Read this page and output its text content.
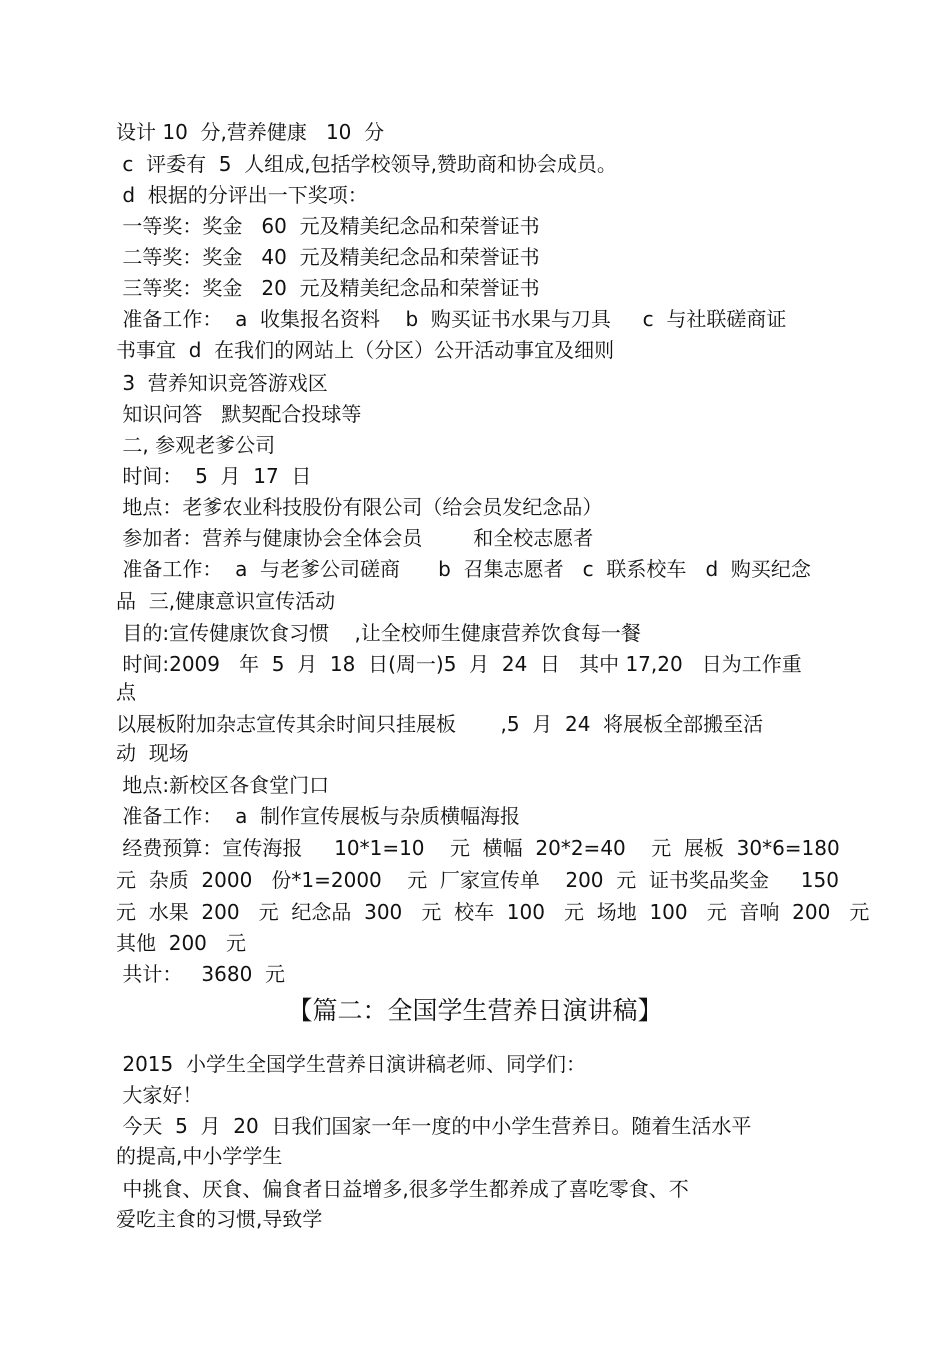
设计 10  分,营养健康   10  分
c  评委有  5  人组成,包括学校领导,赞助商和协会成员。
d  根据的分评出一下奖项：
一等奖：奖金   60  元及精美纪念品和荣誉证书
二等奖：奖金   40  元及精美纪念品和荣誉证书
三等奖：奖金   20  元及精美纪念品和荣誉证书
准备工作：  a  收集报名资料    b  购买证书水果与刀具     c  与社联磋商证
书事宜  d  在我们的网站上（分区）公开活动事宜及细则
3  营养知识竞答游戏区
知识问答   默契配合投球等
二, 参观老爹公司
时间：  5  月  17  日
地点：老爹农业科技股份有限公司（给会员发纪念品）
参加者：营养与健康协会全体会员        和全校志愿者
准备工作：  a  与老爹公司磋商      b  召集志愿者   c  联系校车   d  购买纪念
品  三,健康意识宣传活动
目的:宣传健康饮食习惯    ,让全校师生健康营养饮食每一餐
时间:2009   年  5  月  18  日(周一)5  月  24  日   其中 17,20   日为工作重
点
以展板附加杂志宣传其余时间只挂展板       ,5  月  24  将展板全部搬至活
动  现场
地点:新校区各食堂门口
准备工作：  a  制作宣传展板与杂质横幅海报
经费预算：宣传海报     10*1=10    元  横幅  20*2=40    元  展板  30*6=180
元  杂质  2000   份*1=2000    元  厂家宣传单    200  元  证书奖品奖金     150
元  水果  200   元  纪念品  300   元  校车  100   元  场地  100   元  音响  200   元
其他  200   元
共计：   3680  元
【篇二：全国学生营养日演讲稿】
2015  小学生全国学生营养日演讲稿老师、同学们：
大家好！
今天  5  月  20  日我们国家一年一度的中小学生营养日。随着生活水平
的提高,中小学学生
中挑食、厌食、偏食者日益增多,很多学生都养成了喜吃零食、不
爱吃主食的习惯,导致学
